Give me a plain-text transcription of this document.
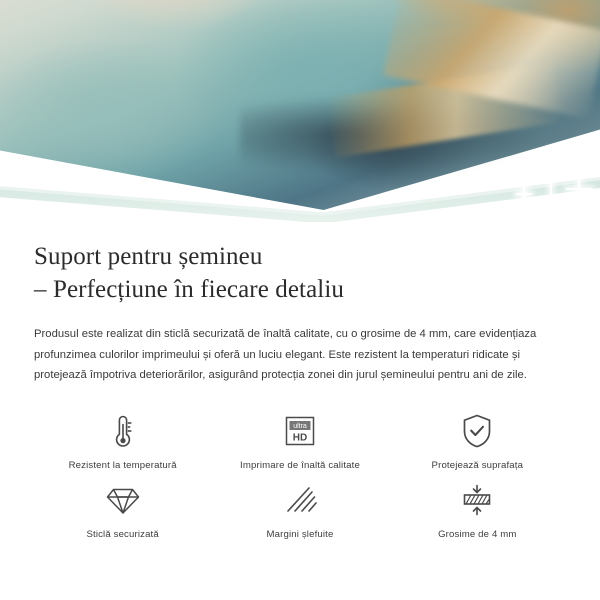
Suport pentru șemineu
– Perfecțiune în fiecare detaliu

Produsul este realizat din sticlă securizată de înaltă calitate, cu o grosime de 4 mm, care evidențiaza profunzimea culorilor imprimeului și oferă un luciu elegant. Este rezistent la temperaturi ridicate și protejează împotriva deteriorărilor, asigurând protecția zonei din jurul șemineului pentru ani de zile.

Rezistent la temperatură
ultra
HD
Imprimare de înaltă calitate	Protejează suprafața
Sticlă securizată	Margini șlefuite	Grosime de 4 mm
